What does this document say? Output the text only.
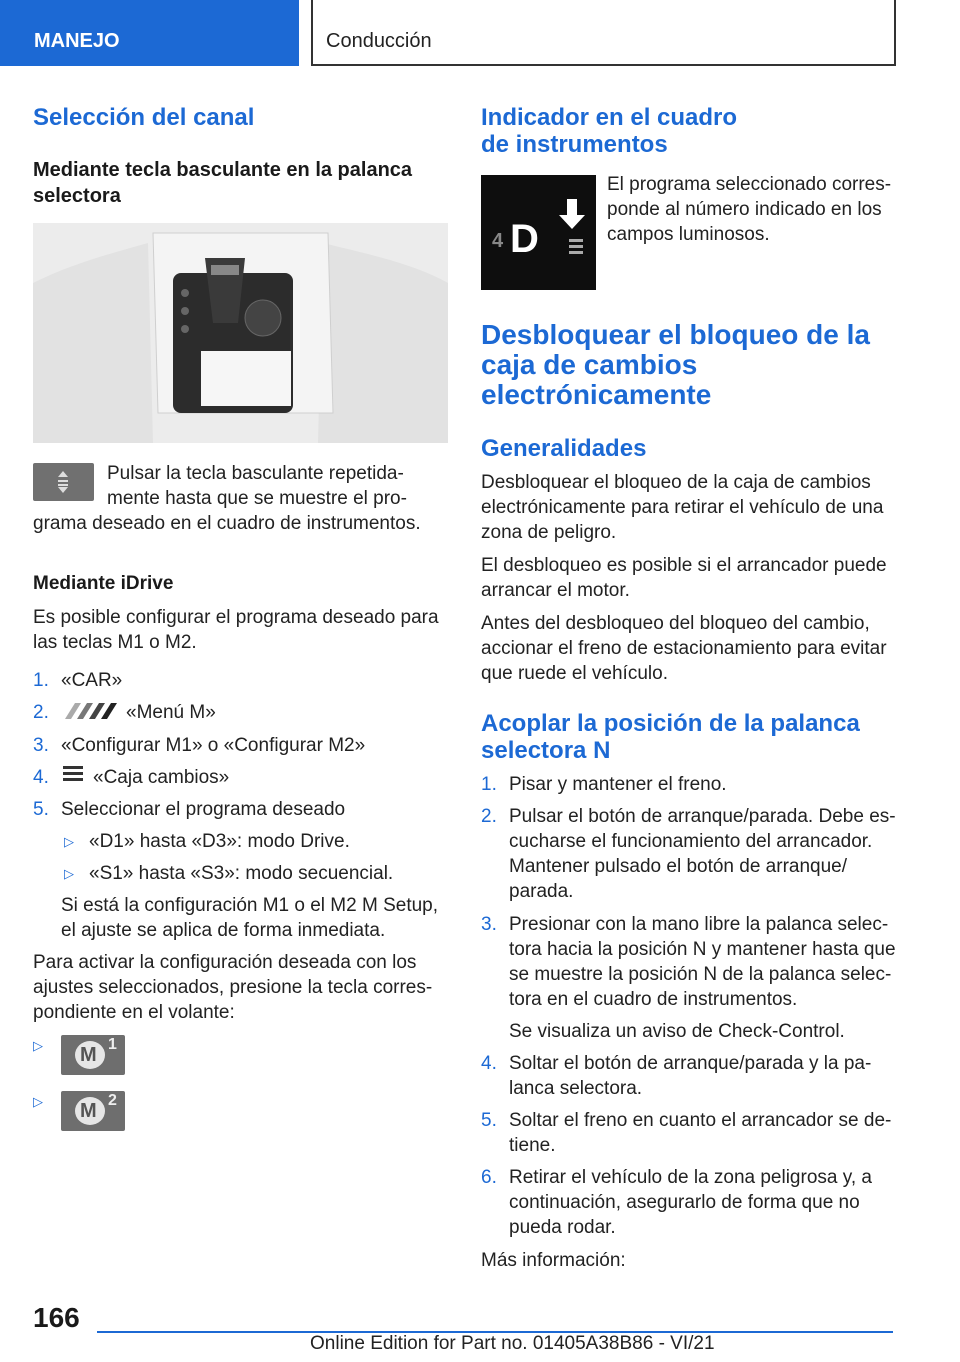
MANEJO	Conducción
Selección del canal
Mediante tecla basculante en la palanca selectora
Pulsar la tecla basculante repetida-
mente hasta que se muestre el pro-
grama deseado en el cuadro de instrumentos.
Mediante iDrive
Es posible configurar el programa deseado para
las teclas M1 o M2.
1. «CAR»
2.	«Menú M»
3. «Configurar M1» o «Configurar M2»
4. «Caja cambios»
5. Seleccionar el programa deseado
▷ «D1» hasta «D3»: modo Drive.
▷ «S1» hasta «S3»: modo secuencial.
Si está la configuración M1 o el M2 M Setup,
el ajuste se aplica de forma inmediata.
Para activar la configuración deseada con los
ajustes seleccionados, presione la tecla corres-
pondiente en el volante:
▷ M 1
▷ M 2
Indicador en el cuadro
de instrumentos
4 D
El programa seleccionado corres-
ponde al número indicado en los
campos luminosos.
Desbloquear el bloqueo de la
caja de cambios
electrónicamente
Generalidades
Desbloquear el bloqueo de la caja de cambios
electrónicamente para retirar el vehículo de una
zona de peligro.
El desbloqueo es posible si el arrancador puede
arrancar el motor.
Antes del desbloqueo del bloqueo del cambio,
accionar el freno de estacionamiento para evitar
que ruede el vehículo.
Acoplar la posición de la palanca
selectora N
1. Pisar y mantener el freno.
2. Pulsar el botón de arranque/parada. Debe es-
cucharse el funcionamiento del arrancador.
Mantener pulsado el botón de arranque/
parada.
3. Presionar con la mano libre la palanca selec-
tora hacia la posición N y mantener hasta que
se muestre la posición N de la palanca selec-
tora en el cuadro de instrumentos.
Se visualiza un aviso de Check-Control.
4. Soltar el botón de arranque/parada y la pa-
lanca selectora.
5. Soltar el freno en cuanto el arrancador se de-
tiene.
6. Retirar el vehículo de la zona peligrosa y, a
continuación, asegurarlo de forma que no
pueda rodar.
Más información:
166
Online Edition for Part no. 01405A38B86 - VI/21
